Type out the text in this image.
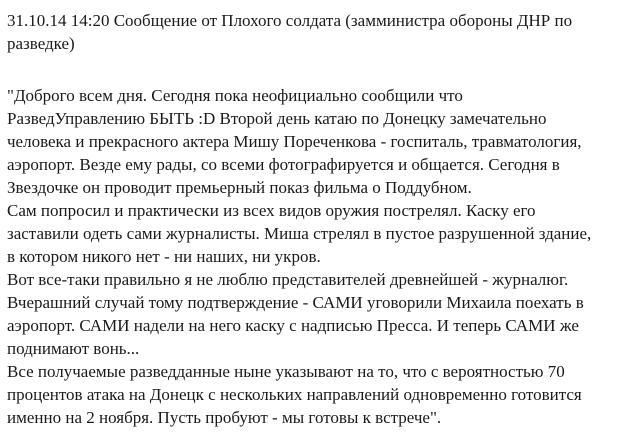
31.10.14 14:20 Сообщение от Плохого солдата (замминистра обороны ДНР по
разведке)
"Доброго всем дня. Сегодня пока неофициально сообщили что
РазведУправлению БЫТЬ :D Второй день катаю по Донецку замечательно
человека и прекрасного актера Мишу Пореченкова - госпиталь, травматология,
аэропорт. Везде ему рады, со всеми фотографируется и общается. Сегодня в
Звездочке он проводит премьерный показ фильма о Поддубном.
Сам попросил и практически из всех видов оружия пострелял. Каску его
заставили одеть сами журналисты. Миша стрелял в пустое разрушенной здание,
в котором никого нет - ни наших, ни укров.
Вот все-таки правильно я не люблю представителей древнейшей - журналюг.
Вчерашний случай тому подтверждение - САМИ уговорили Михаила поехать в
аэропорт. САМИ надели на него каску с надписью Пресса. И теперь САМИ же
поднимают вонь...
Все получаемые разведданные ныне указывают на то, что с вероятностью 70
процентов атака на Донецк с нескольких направлений одновременно готовится
именно на 2 ноября. Пусть пробуют - мы готовы к встрече".
